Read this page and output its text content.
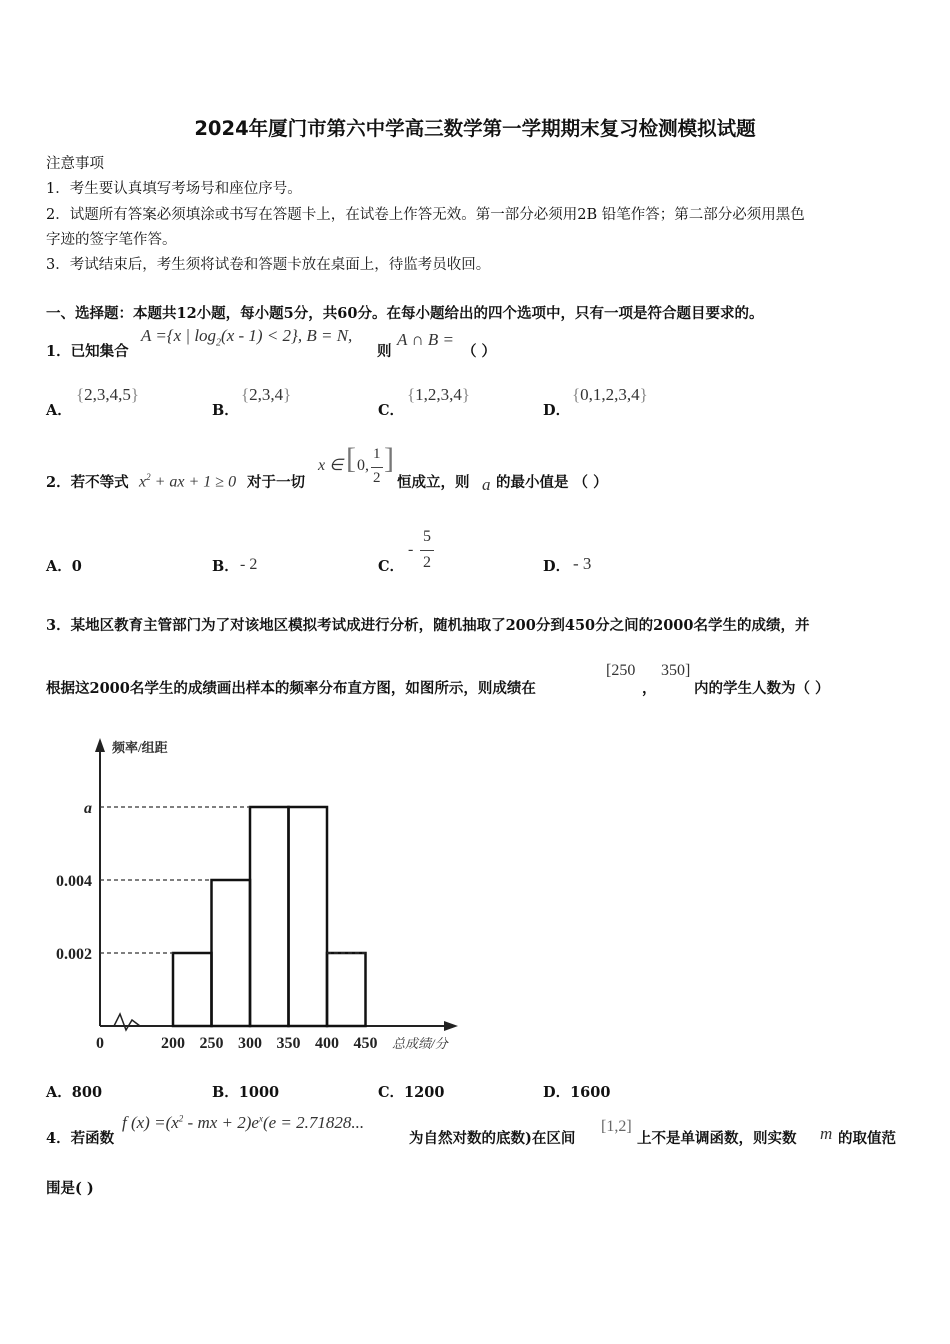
2024年厦门市第六中学高三数学第一学期期末复习检测模拟试题
注意事项
1．考生要认真填写考场号和座位序号。
2．试题所有答案必须填涂或书写在答题卡上，在试卷上作答无效。第一部分必须用2B 铅笔作答；第二部分必须用黑色
字迹的签字笔作答。
3．考试结束后，考生须将试卷和答题卡放在桌面上，待监考员收回。
一、选择题：本题共12小题，每小题5分，共60分。在每小题给出的四个选项中，只有一项是符合题目要求的。
1．已知集合
A ={x | $\log_2(x - 1) < 2$}, B = N,
则
A ∩ B =
（ ）
A．
{2,3,4,5}
B．
{2,3,4}
C．
{1,2,3,4}
D．
{0,1,2,3,4}
2．若不等式 $x^2$ + ax + 1 ≥ 0 对于一切
x ∈ [ 0,
1
2
]
恒成立，则 a 的最小值是 （ ）
A．0	B． - 2	C．
-
5
2	D． - 3
3．某地区教育主管部门为了对该地区模拟考试成进行分析，随机抽取了200分到450分之间的2000名学生的成绩，并
根据这2000名学生的成绩画出样本的频率分布直方图，如图所示，则成绩在
[250
，
350]
内的学生人数为（ ）
0.002
0.004
a
0	200 250 300 350 400 450
频率/组距
总成绩/分
A．800	B．1000	C．1200	D．1600
4．若函数
f $(x) =(x^2$ - mx + $2)e^x(e = 2.71828$...
为自然对数的底数)在区间
[1,2]
上不是单调函数，则实数 m 的取值范
围是( )
